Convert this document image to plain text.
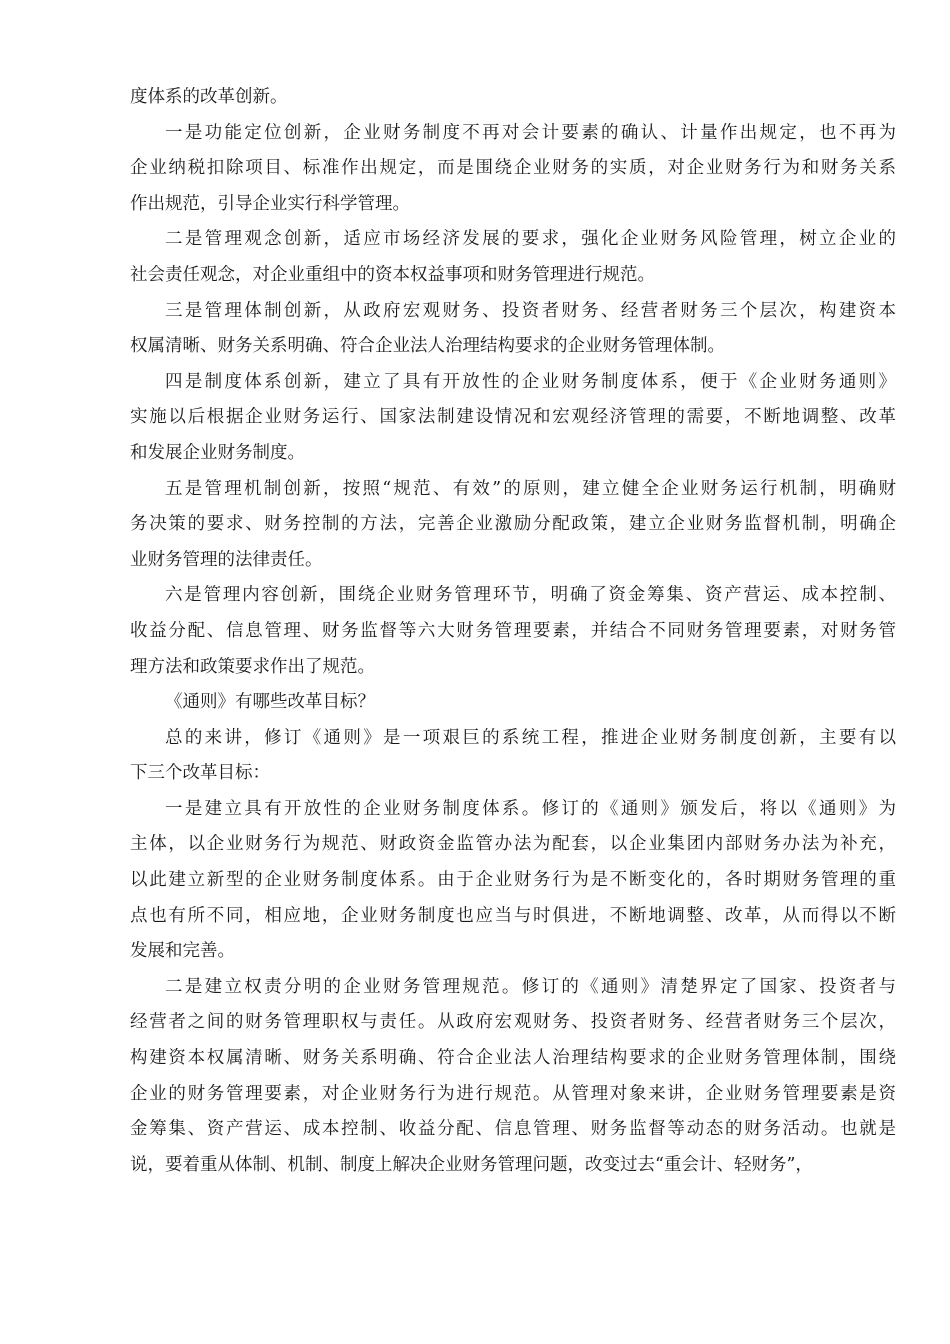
度体系的改革创新。

一是功能定位创新，企业财务制度不再对会计要素的确认、计量作出规定，也不再为
企业纳税扣除项目、标准作出规定，而是围绕企业财务的实质，对企业财务行为和财务关系
作出规范，引导企业实行科学管理。

二是管理观念创新，适应市场经济发展的要求，强化企业财务风险管理，树立企业的
社会责任观念，对企业重组中的资本权益事项和财务管理进行规范。

三是管理体制创新，从政府宏观财务、投资者财务、经营者财务三个层次，构建资本
权属清晰、财务关系明确、符合企业法人治理结构要求的企业财务管理体制。

四是制度体系创新，建立了具有开放性的企业财务制度体系，便于《企业财务通则》
实施以后根据企业财务运行、国家法制建设情况和宏观经济管理的需要，不断地调整、改革
和发展企业财务制度。

五是管理机制创新，按照“规范、有效”的原则，建立健全企业财务运行机制，明确财
务决策的要求、财务控制的方法，完善企业激励分配政策，建立企业财务监督机制，明确企
业财务管理的法律责任。

六是管理内容创新，围绕企业财务管理环节，明确了资金筹集、资产营运、成本控制、
收益分配、信息管理、财务监督等六大财务管理要素，并结合不同财务管理要素，对财务管
理方法和政策要求作出了规范。

《通则》有哪些改革目标？

总的来讲，修订《通则》是一项艰巨的系统工程，推进企业财务制度创新，主要有以
下三个改革目标：

一是建立具有开放性的企业财务制度体系。修订的《通则》颁发后，将以《通则》为
主体，以企业财务行为规范、财政资金监管办法为配套，以企业集团内部财务办法为补充，
以此建立新型的企业财务制度体系。由于企业财务行为是不断变化的，各时期财务管理的重
点也有所不同，相应地，企业财务制度也应当与时俱进，不断地调整、改革，从而得以不断
发展和完善。

二是建立权责分明的企业财务管理规范。修订的《通则》清楚界定了国家、投资者与
经营者之间的财务管理职权与责任。从政府宏观财务、投资者财务、经营者财务三个层次，
构建资本权属清晰、财务关系明确、符合企业法人治理结构要求的企业财务管理体制，围绕
企业的财务管理要素，对企业财务行为进行规范。从管理对象来讲，企业财务管理要素是资
金筹集、资产营运、成本控制、收益分配、信息管理、财务监督等动态的财务活动。也就是
说，要着重从体制、机制、制度上解决企业财务管理问题，改变过去“重会计、轻财务”，
